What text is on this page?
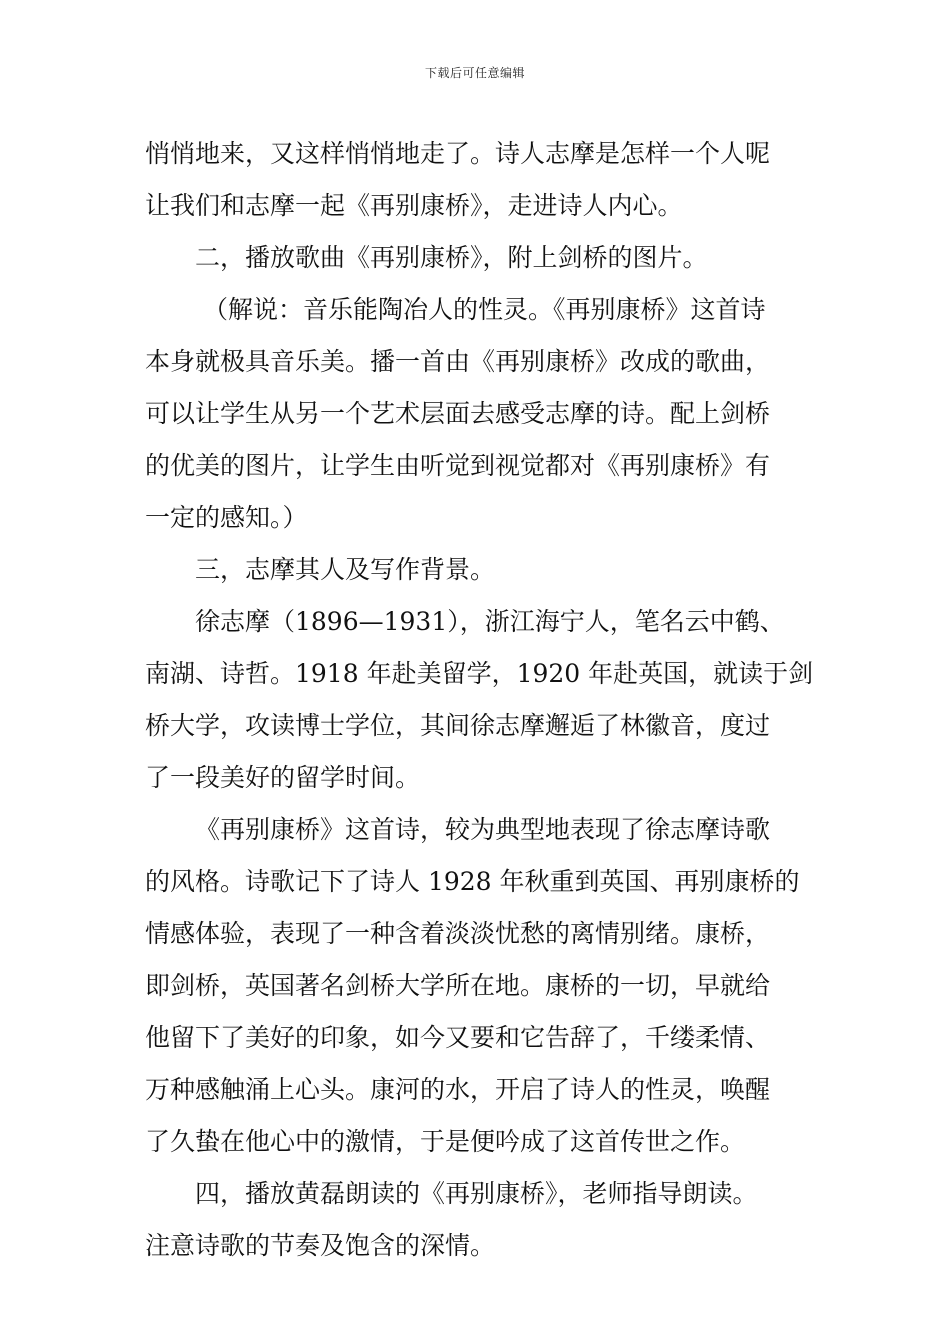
下载后可任意编辑
悄悄地来，又这样悄悄地走了。诗人志摩是怎样一个人呢
让我们和志摩一起《再别康桥》，走进诗人内心。
二，播放歌曲《再别康桥》，附上剑桥的图片。
（解说：音乐能陶冶人的性灵。《再别康桥》这首诗
本身就极具音乐美。播一首由《再别康桥》改成的歌曲，
可以让学生从另一个艺术层面去感受志摩的诗。配上剑桥
的优美的图片，让学生由听觉到视觉都对《再别康桥》有
一定的感知。）
三，志摩其人及写作背景。
徐志摩（1896—1931），浙江海宁人，笔名云中鹤、
南湖、诗哲。1918 年赴美留学，1920 年赴英国，就读于剑
桥大学，攻读博士学位，其间徐志摩邂逅了林徽音，度过
了一段美好的留学时间。
《再别康桥》这首诗，较为典型地表现了徐志摩诗歌
的风格。诗歌记下了诗人 1928 年秋重到英国、再别康桥的
情感体验，表现了一种含着淡淡忧愁的离情别绪。康桥，
即剑桥，英国著名剑桥大学所在地。康桥的一切，早就给
他留下了美好的印象，如今又要和它告辞了，千缕柔情、
万种感触涌上心头。康河的水，开启了诗人的性灵，唤醒
了久蛰在他心中的激情，于是便吟成了这首传世之作。
四，播放黄磊朗读的《再别康桥》，老师指导朗读。
注意诗歌的节奏及饱含的深情。
